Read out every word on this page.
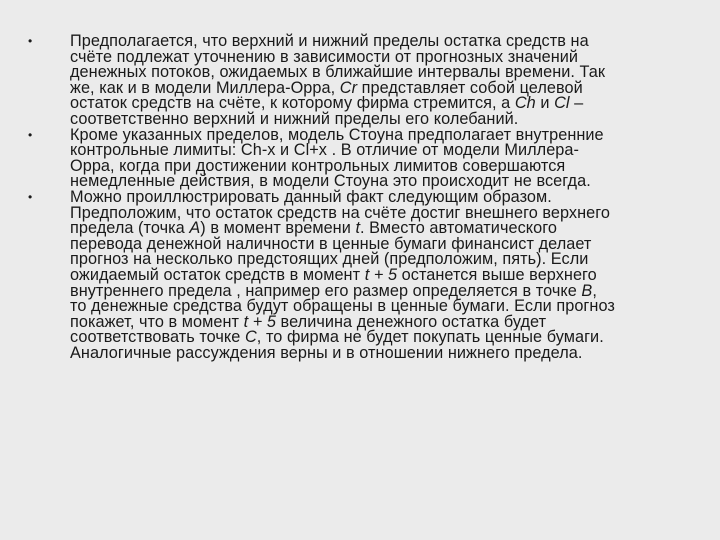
• Предполагается, что верхний и нижний пределы остатка средств на
счёте подлежат уточнению в зависимости от прогнозных значений
денежных потоков, ожидаемых в ближайшие интервалы времени. Так
же, как и в модели Миллера-Орра, Cr представляет собой целевой
остаток средств на счёте, к которому фирма стремится, а Ch и Cl –
соответственно верхний и нижний пределы его колебаний.
• Кроме указанных пределов, модель Стоуна предполагает внутренние
контрольные лимиты: Ch-x и Cl+x . В отличие от модели Миллера-
Орра, когда при достижении контрольных лимитов совершаются
немедленные действия, в модели Стоуна это происходит не всегда.
• Можно проиллюстрировать данный факт следующим образом.
Предположим, что остаток средств на счёте достиг внешнего верхнего
предела (точка A) в момент времени t. Вместо автоматического
перевода денежной наличности в ценные бумаги финансист делает
прогноз на несколько предстоящих дней (предположим, пять). Если
ожидаемый остаток средств в момент t + 5 останется выше верхнего
внутреннего предела , например его размер определяется в точке B,
то денежные средства будут обращены в ценные бумаги. Если прогноз
покажет, что в момент t + 5 величина денежного остатка будет
соответствовать точке C, то фирма не будет покупать ценные бумаги.
Аналогичные рассуждения верны и в отношении нижнего предела.
